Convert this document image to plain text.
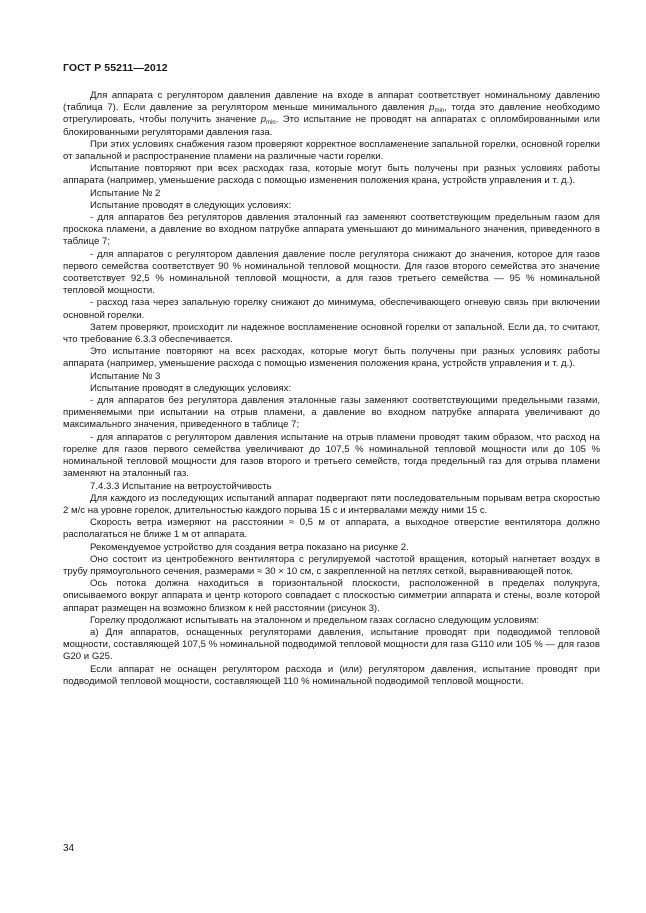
ГОСТ Р 55211—2012

Для аппарата с регулятором давления давление на входе в аппарат соответствует номинальному давлению (таблица 7). Если давление за регулятором меньше минимального давления $p_{min}$, тогда это давление необходимо отрегулировать, чтобы получить значение $p_{min}$. Это испытание не проводят на аппаратах с опломбированными или блокированными регуляторами давления газа.

При этих условиях снабжения газом проверяют корректное воспламенение запальной горелки, основной горелки от запальной и распространение пламени на различные части горелки.

Испытание повторяют при всех расходах газа, которые могут быть получены при разных условиях работы аппарата (например, уменьшение расхода с помощью изменения положения крана, устройств управления и т. д.).

Испытание № 2

Испытание проводят в следующих условиях:

- для аппаратов без регуляторов давления эталонный газ заменяют соответствующим предельным газом для проскока пламени, а давление во входном патрубке аппарата уменьшают до минимального значения, приведенного в таблице 7;

- для аппаратов с регулятором давления давление после регулятора снижают до значения, которое для газов первого семейства соответствует 90 % номинальной тепловой мощности. Для газов второго семейства это значение соответствует 92,5 % номинальной тепловой мощности, а для газов третьего семейства — 95 % номинальной тепловой мощности.

- расход газа через запальную горелку снижают до минимума, обеспечивающего огневую связь при включении основной горелки.

Затем проверяют, происходит ли надежное воспламенение основной горелки от запальной. Если да, то считают, что требование 6.3.3 обеспечивается.

Это испытание повторяют на всех расходах, которые могут быть получены при разных условиях работы аппарата (например, уменьшение расхода с помощью изменения положения крана, устройств управления и т. д.).

Испытание № 3

Испытание проводят в следующих условиях:

- для аппаратов без регулятора давления эталонные газы заменяют соответствующими предельными газами, применяемыми при испытании на отрыв пламени, а давление во входном патрубке аппарата увеличивают до максимального значения, приведенного в таблице 7;

- для аппаратов с регулятором давления испытание на отрыв пламени проводят таким образом, что расход на горелке для газов первого семейства увеличивают до 107,5 % номинальной тепловой мощности или до 105 % номинальной тепловой мощности для газов второго и третьего семейств, тогда предельный газ для отрыва пламени заменяют на эталонный газ.

7.4.3.3 Испытание на ветроустойчивость

Для каждого из последующих испытаний аппарат подвергают пяти последовательным порывам ветра скоростью 2 м/с на уровне горелок, длительностью каждого порыва 15 с и интервалами между ними 15 с.

Скорость ветра измеряют на расстоянии ≈ 0,5 м от аппарата, а выходное отверстие вентилятора должно располагаться не ближе 1 м от аппарата.

Рекомендуемое устройство для создания ветра показано на рисунке 2.

Оно состоит из центробежного вентилятора с регулируемой частотой вращения, который нагнетает воздух в трубу прямоугольного сечения, размерами ≈ 30 × 10 см, с закрепленной на петлях сеткой, выравнивающей поток.

Ось потока должна находиться в горизонтальной плоскости, расположенной в пределах полукруга, описываемого вокруг аппарата и центр которого совпадает с плоскостью симметрии аппарата и стены, возле которой аппарат размещен на возможно близком к ней расстоянии (рисунок 3).

Горелку продолжают испытывать на эталонном и предельном газах согласно следующим условиям:

а) Для аппаратов, оснащенных регуляторами давления, испытание проводят при подводимой тепловой мощности, составляющей 107,5 % номинальной подводимой тепловой мощности для газа G110 или 105 % — для газов G20 и G25.

Если аппарат не оснащен регулятором расхода и (или) регулятором давления, испытание проводят при подводимой тепловой мощности, составляющей 110 % номинальной подводимой тепловой мощности.

34
